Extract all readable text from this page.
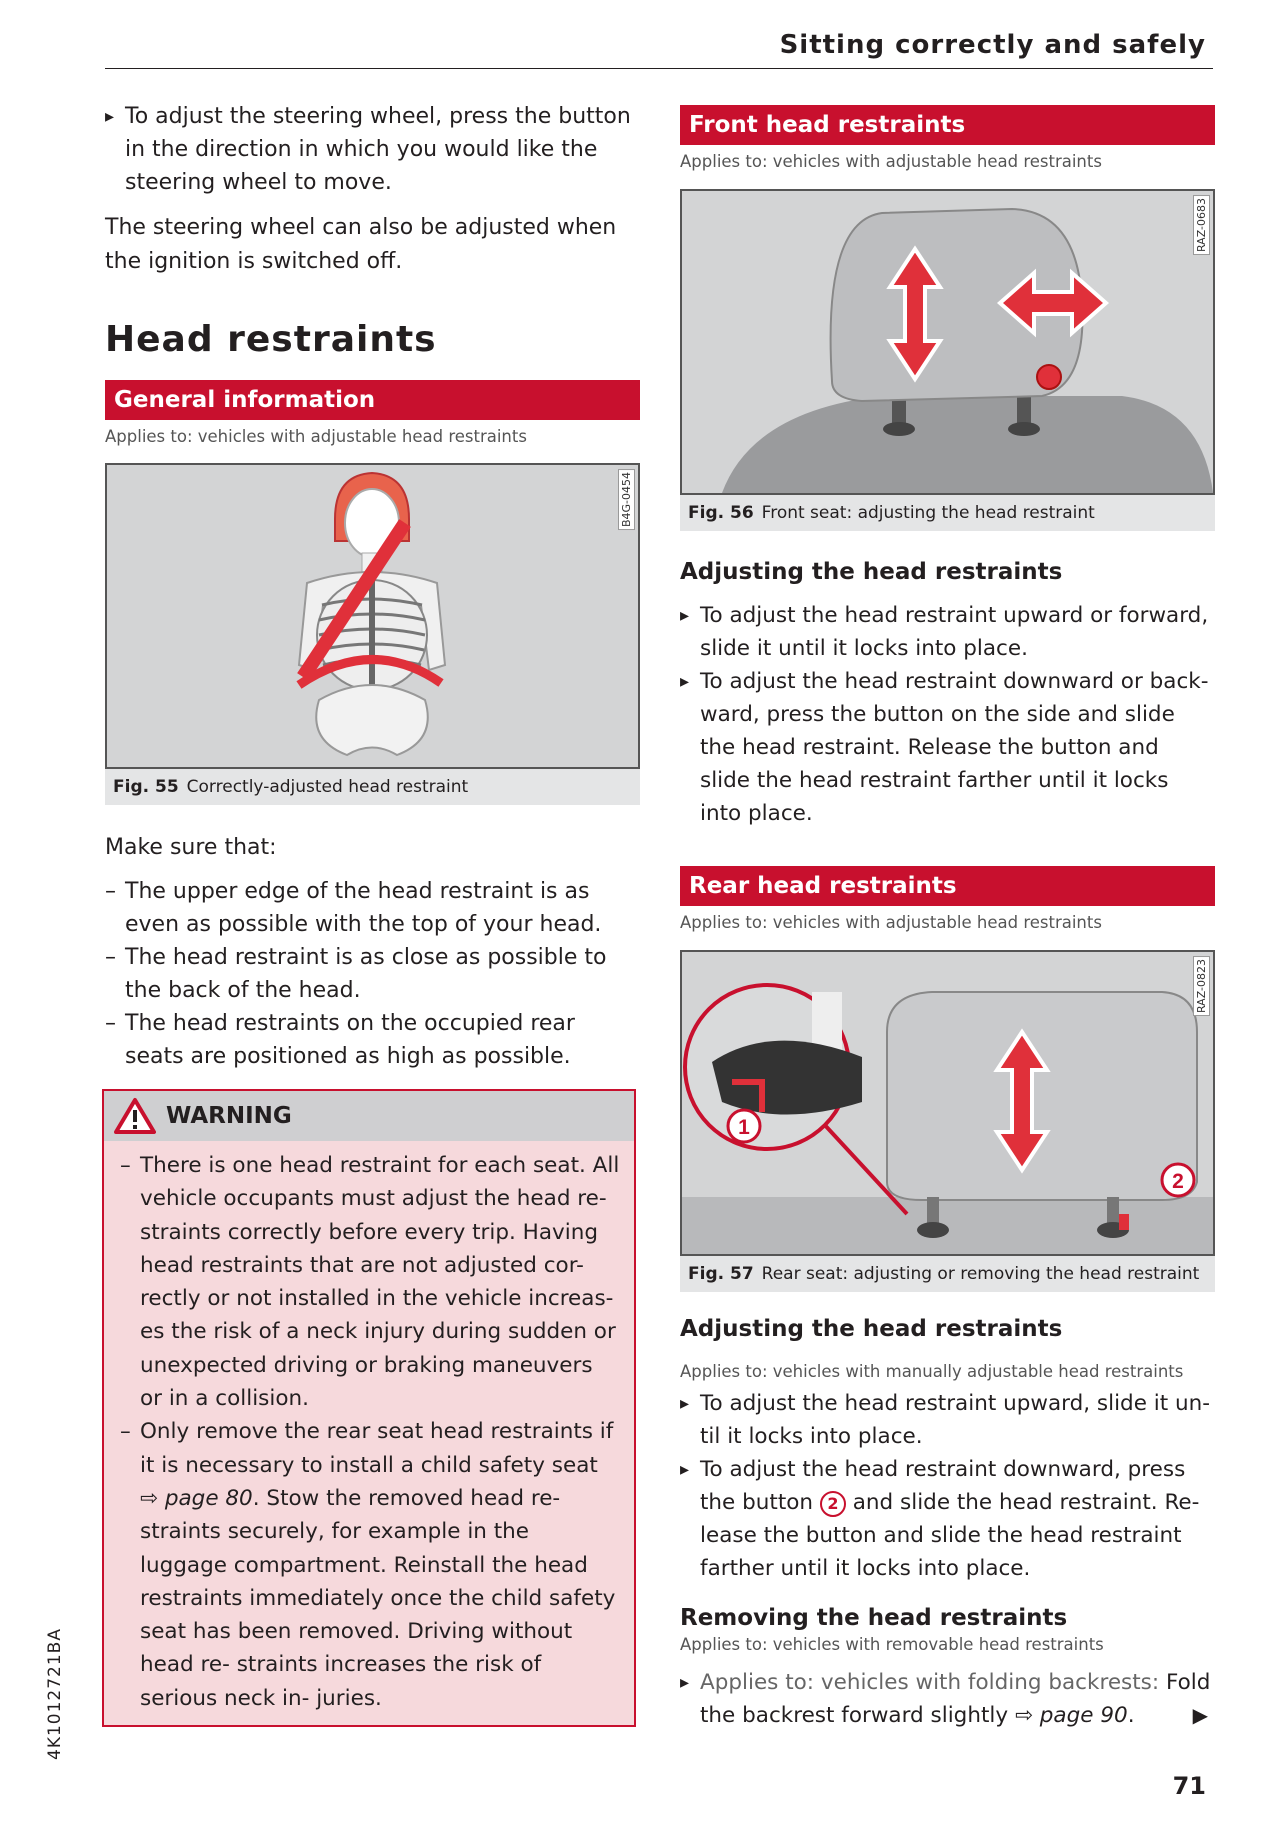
Sitting correctly and safely
▸ To adjust the steering wheel, press the button in the direction in which you would like the steering wheel to move.
The steering wheel can also be adjusted when the ignition is switched off.
Head restraints
General information
Applies to: vehicles with adjustable head restraints
B4G-0454
Fig. 55 Correctly-adjusted head restraint
Make sure that:
– The upper edge of the head restraint is as even as possible with the top of your head.
– The head restraint is as close as possible to the back of the head.
– The head restraints on the occupied rear seats are positioned as high as possible.
WARNING
– There is one head restraint for each seat. All vehicle occupants must adjust the head re- straints correctly before every trip. Having head restraints that are not adjusted cor- rectly or not installed in the vehicle increas- es the risk of a neck injury during sudden or unexpected driving or braking maneuvers or in a collision.
– Only remove the rear seat head restraints if it is necessary to install a child safety seat ⇨ page 80. Stow the removed head re- straints securely, for example in the luggage compartment. Reinstall the head restraints immediately once the child safety seat has been removed. Driving without head re- straints increases the risk of serious neck in- juries.
Front head restraints
Applies to: vehicles with adjustable head restraints
RAZ-0683
Fig. 56 Front seat: adjusting the head restraint
Adjusting the head restraints
▸ To adjust the head restraint upward or forward, slide it until it locks into place.
▸ To adjust the head restraint downward or back- ward, press the button on the side and slide the head restraint. Release the button and slide the head restraint farther until it locks into place.
Rear head restraints
Applies to: vehicles with adjustable head restraints
1
2
RAZ-0823
Fig. 57 Rear seat: adjusting or removing the head restraint
Adjusting the head restraints
Applies to: vehicles with manually adjustable head restraints
▸ To adjust the head restraint upward, slide it un- til it locks into place.
▸ To adjust the head restraint downward, press the button 2 and slide the head restraint. Re- lease the button and slide the head restraint farther until it locks into place.
Removing the head restraints
Applies to: vehicles with removable head restraints
▸ Applies to: vehicles with folding backrests: Fold the backrest forward slightly ⇨ page 90.	▶
4K1012721BA
71
